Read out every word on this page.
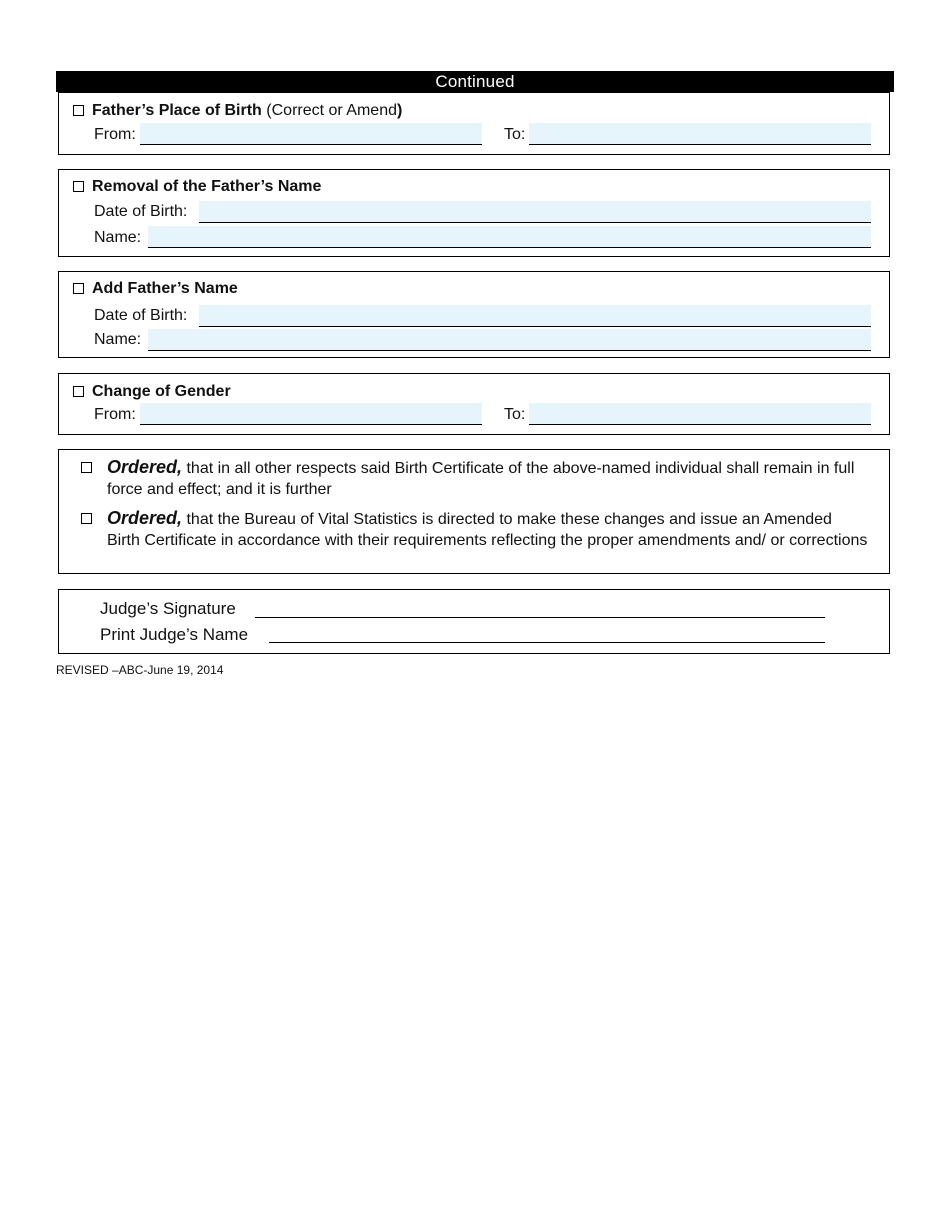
Continued
Father’s Place of Birth (Correct or Amend)
From:	To:
Removal of the Father’s Name
Date of Birth:
Name:
Add Father’s Name
Date of Birth:
Name:
Change of Gender
From:	To:
Ordered, that in all other respects said Birth Certificate of the above-named individual shall remain in full force and effect; and it is further
Ordered, that the Bureau of Vital Statistics is directed to make these changes and issue an Amended Birth Certificate in accordance with their requirements reflecting the proper amendments and/ or corrections
Judge’s Signature
Print Judge’s Name
REVISED –ABC-June 19, 2014
